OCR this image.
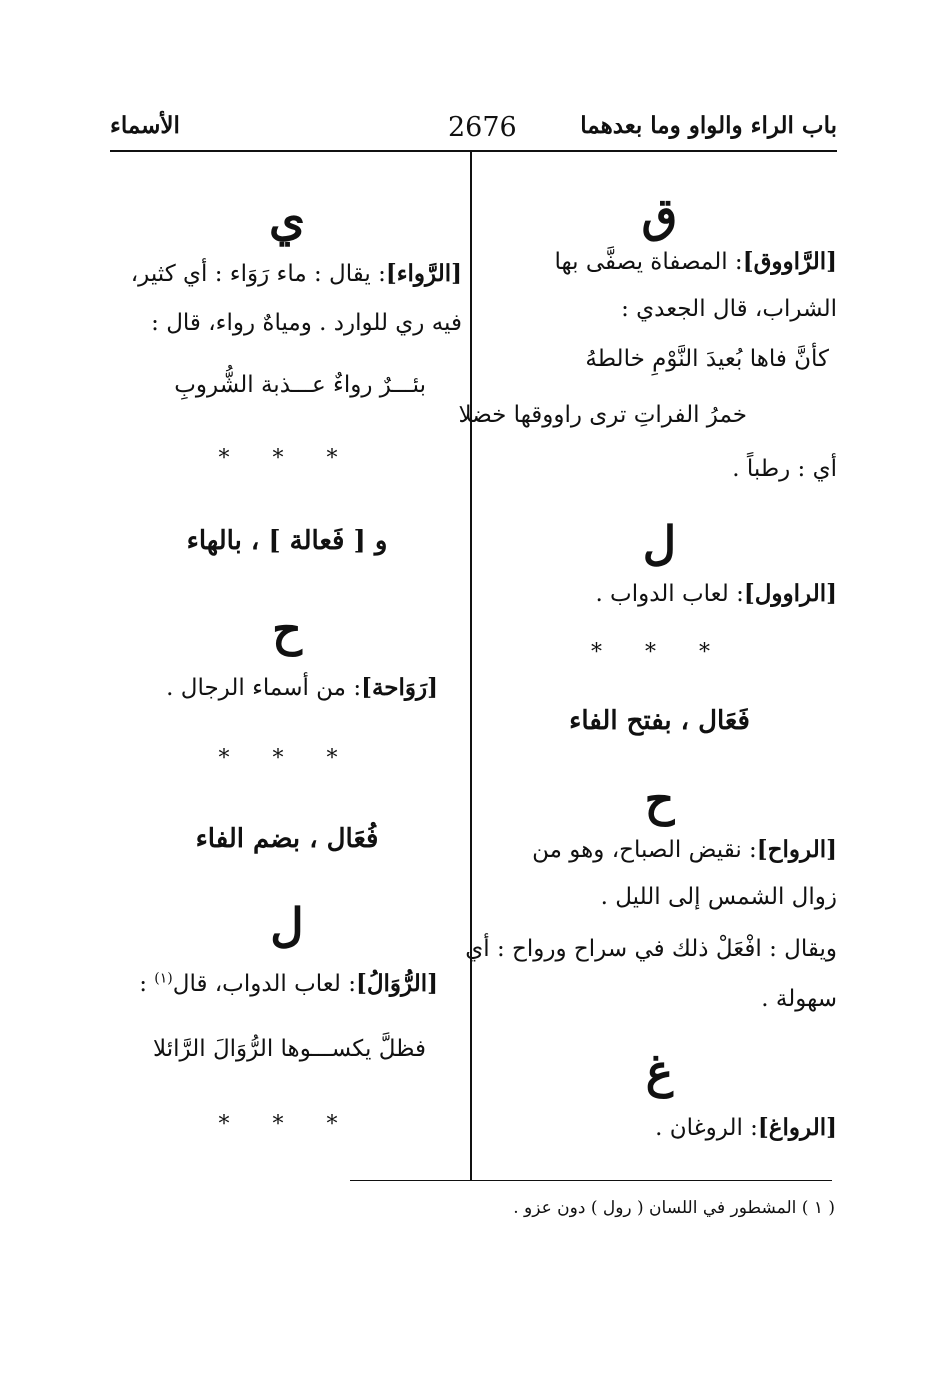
باب الراء والواو وما بعدهما
2676
الأسماء
ق
[الرَّاووق]: المصفاة يصفَّى بها
الشراب، قال الجعدي :
كأنَّ فاها بُعيدَ النَّوْمِ خالطهُ
خمرُ الفراتِ ترى راووقها خضلا
أي : رطباً .
ل
[الراوول]: لعاب الدواب .
* * *
فَعَال ، بفتح الفاء
ح
[الرواح]: نقيض الصباح، وهو من
زوال الشمس إلى الليل .
ويقال : افْعَلْ ذلك في سراح ورواح : أي
سهولة .
غ
[الرواغ]: الروغان .
ي
[الرَّواء]: يقال : ماء رَوَاء : أي كثير،
فيه ري للوارد . ومياهٌ رواء، قال :
بئـــرٌ رواءٌ عـــذبة الشُّروبِ
* * *
و [ فَعالة ] ، بالهاء
ح
[رَوَاحة]: من أسماء الرجال .
* * *
فُعَال ، بضم الفاء
ل
[الرُّوَالُ]: لعاب الدواب، قال$^{(١)}$ :
فظلَّ يكســـوها الرُّوَالَ الرَّائلا
* * *
( ١ ) المشطور في اللسان ( رول ) دون عزو .
